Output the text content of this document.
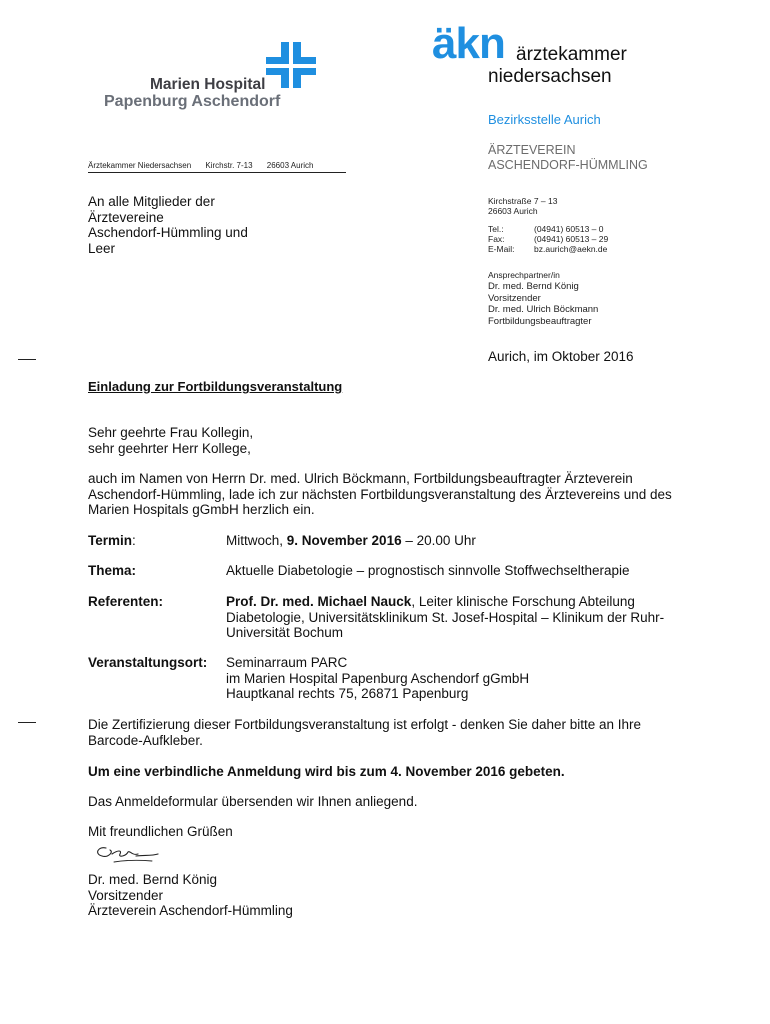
Marien Hospital
Papenburg Aschendorf
äkn ärztekammer
niedersachsen
Bezirksstelle Aurich
ÄRZTEVEREIN
ASCHENDORF-HÜMMLING
Ärztekammer Niedersachsen Kirchstr. 7-13 26603 Aurich
An alle Mitglieder der
Ärztevereine
Aschendorf-Hümmling und
Leer
Kirchstraße 7 – 13
26603 Aurich
Tel.:	(04941) 60513 – 0
Fax:	(04941) 60513 – 29
E-Mail: bz.aurich@aekn.de
Ansprechpartner/in
Dr. med. Bernd König
Vorsitzender
Dr. med. Ulrich Böckmann
Fortbildungsbeauftragter
Aurich, im Oktober 2016
Einladung zur Fortbildungsveranstaltung
Sehr geehrte Frau Kollegin,
sehr geehrter Herr Kollege,
auch im Namen von Herrn Dr. med. Ulrich Böckmann, Fortbildungsbeauftragter Ärzteverein Aschendorf-Hümmling, lade ich zur nächsten Fortbildungsveranstaltung des Ärztevereins und des Marien Hospitals gGmbH herzlich ein.
Termin:	Mittwoch, 9. November 2016 – 20.00 Uhr
Thema:	Aktuelle Diabetologie – prognostisch sinnvolle Stoffwechseltherapie
Referenten:	Prof. Dr. med. Michael Nauck, Leiter klinische Forschung Abteilung Diabetologie, Universitätsklinikum St. Josef-Hospital – Klinikum der Ruhr-Universität Bochum
Veranstaltungsort:	Seminarraum PARC
im Marien Hospital Papenburg Aschendorf gGmbH
Hauptkanal rechts 75, 26871 Papenburg
Die Zertifizierung dieser Fortbildungsveranstaltung ist erfolgt - denken Sie daher bitte an Ihre Barcode-Aufkleber.
Um eine verbindliche Anmeldung wird bis zum 4. November 2016 gebeten.
Das Anmeldeformular übersenden wir Ihnen anliegend.
Mit freundlichen Grüßen
Dr. med. Bernd König
Vorsitzender
Ärzteverein Aschendorf-Hümmling
